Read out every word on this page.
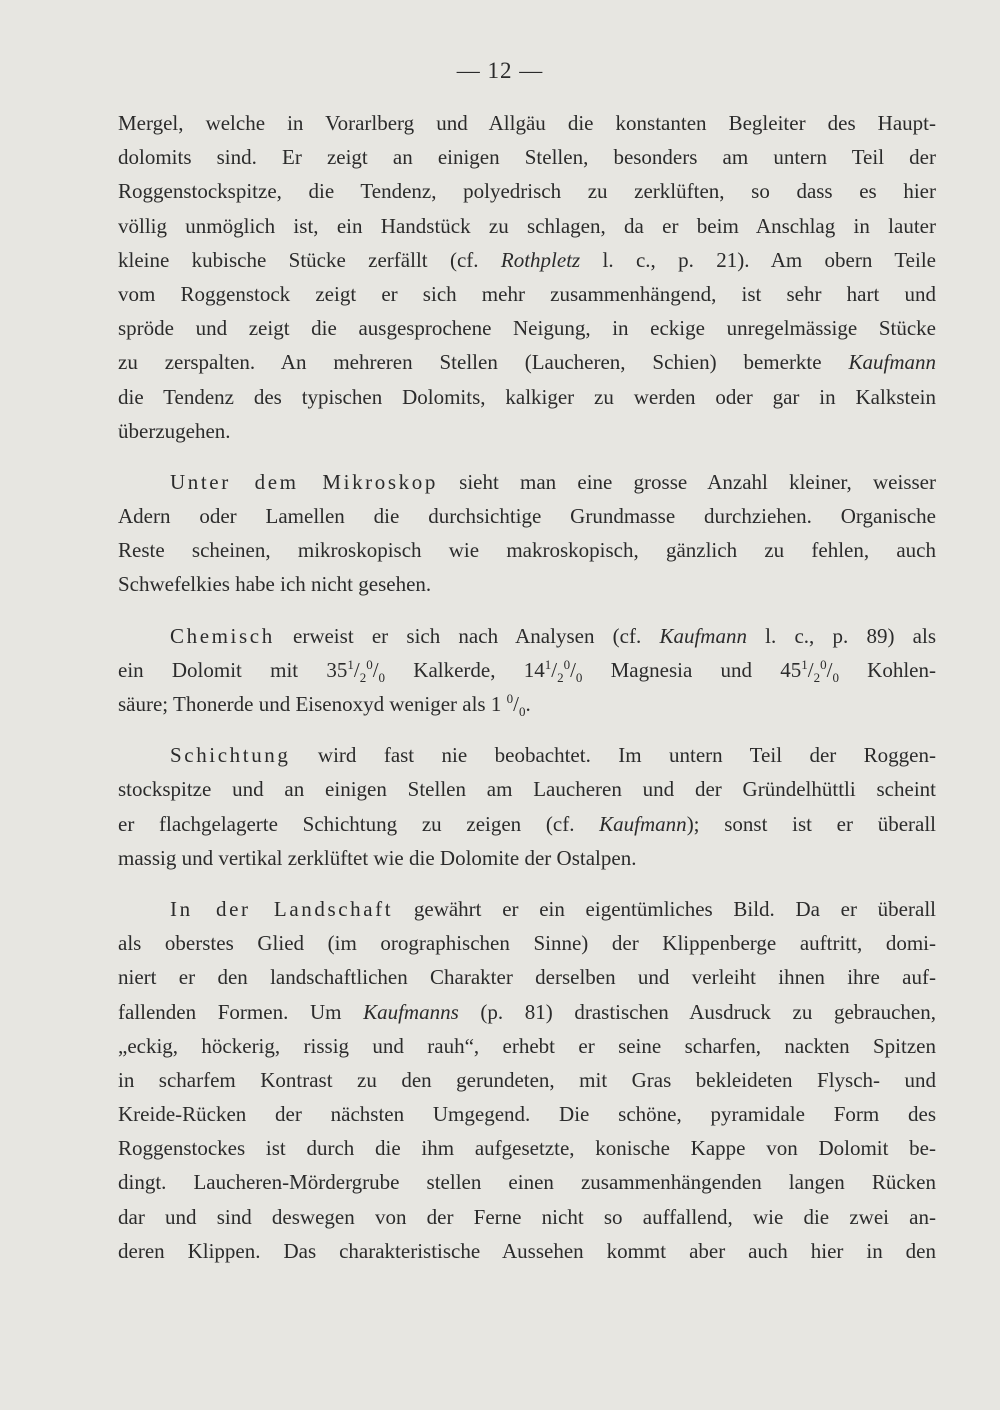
— 12 —
Mergel, welche in Vorarlberg und Allgäu die konstanten Begleiter des Haupt-
dolomits sind. Er zeigt an einigen Stellen, besonders am untern Teil der
Roggenstockspitze, die Tendenz, polyedrisch zu zerklüften, so dass es hier
völlig unmöglich ist, ein Handstück zu schlagen, da er beim Anschlag in lauter
kleine kubische Stücke zerfällt (cf. Rothpletz l. c., p. 21). Am obern Teile
vom Roggenstock zeigt er sich mehr zusammenhängend, ist sehr hart und
spröde und zeigt die ausgesprochene Neigung, in eckige unregelmässige Stücke
zu zerspalten. An mehreren Stellen (Laucheren, Schien) bemerkte Kaufmann
die Tendenz des typischen Dolomits, kalkiger zu werden oder gar in Kalkstein
überzugehen.
Unter dem Mikroskop sieht man eine grosse Anzahl kleiner, weisser
Adern oder Lamellen die durchsichtige Grundmasse durchziehen. Organische
Reste scheinen, mikroskopisch wie makroskopisch, gänzlich zu fehlen, auch
Schwefelkies habe ich nicht gesehen.
Chemisch erweist er sich nach Analysen (cf. Kaufmann l. c., p. 89) als
ein Dolomit mit $35^1/_2^0/_0$ Kalkerde, $14^1/_2^0/_0$ Magnesia und $45^1/_2^0/_0$ Kohlen-
säure; Thonerde und Eisenoxyd weniger als 1 $^0/_0$.
Schichtung wird fast nie beobachtet. Im untern Teil der Roggen-
stockspitze und an einigen Stellen am Laucheren und der Gründelhüttli scheint
er flachgelagerte Schichtung zu zeigen (cf. Kaufmann); sonst ist er überall
massig und vertikal zerklüftet wie die Dolomite der Ostalpen.
In der Landschaft gewährt er ein eigentümliches Bild. Da er überall
als oberstes Glied (im orographischen Sinne) der Klippenberge auftritt, domi-
niert er den landschaftlichen Charakter derselben und verleiht ihnen ihre auf-
fallenden Formen. Um Kaufmanns (p. 81) drastischen Ausdruck zu gebrauchen,
„eckig, höckerig, rissig und rauh“, erhebt er seine scharfen, nackten Spitzen
in scharfem Kontrast zu den gerundeten, mit Gras bekleideten Flysch- und
Kreide-Rücken der nächsten Umgegend. Die schöne, pyramidale Form des
Roggenstockes ist durch die ihm aufgesetzte, konische Kappe von Dolomit be-
dingt. Laucheren-Mördergrube stellen einen zusammenhängenden langen Rücken
dar und sind deswegen von der Ferne nicht so auffallend, wie die zwei an-
deren Klippen. Das charakteristische Aussehen kommt aber auch hier in den
